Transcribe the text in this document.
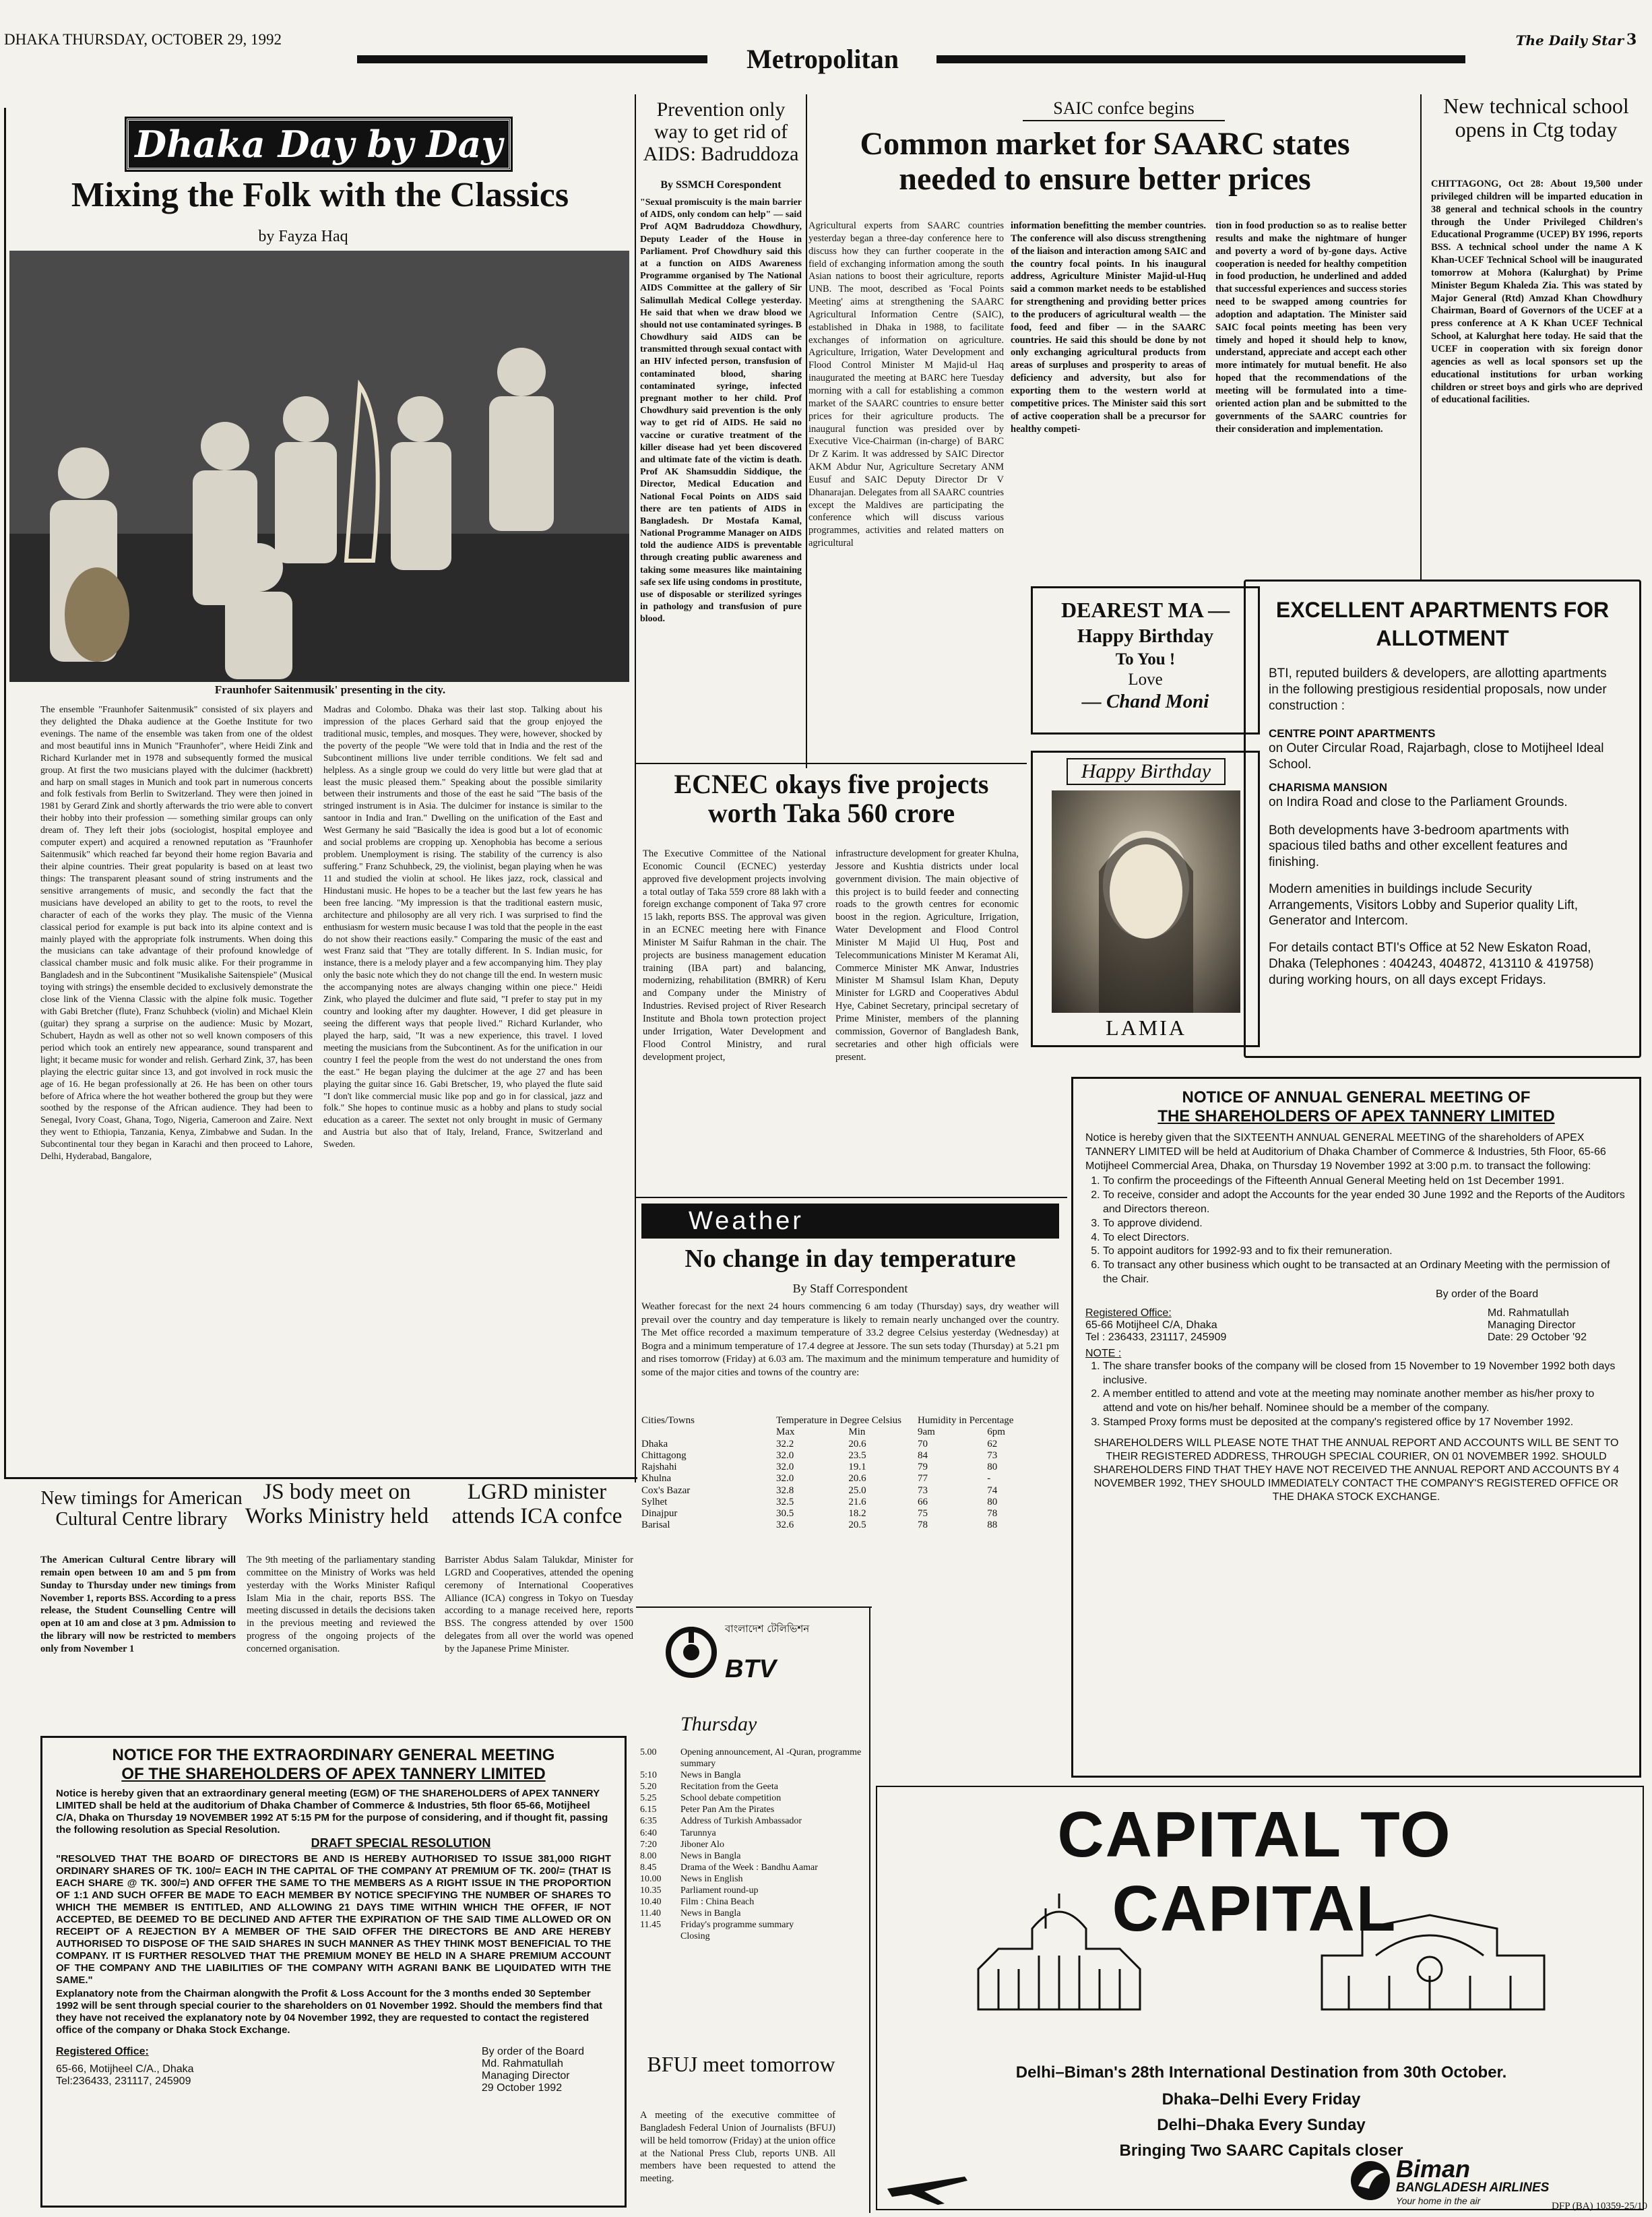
DHAKA THURSDAY, OCTOBER 29, 1992
Metropolitan
The Daily Star 3
Dhaka Day by Day
Mixing the Folk with the Classics
by Fayza Haq
Fraunhofer Saitenmusik' presenting in the city.
The ensemble "Fraunhofer Saitenmusik" consisted of six players and they delighted the Dhaka audience at the Goethe Institute for two evenings. The name of the ensemble was taken from one of the oldest and most beautiful inns in Munich "Fraunhofer", where Heidi Zink and Richard Kurlander met in 1978 and subsequently formed the musical group. At first the two musicians played with the dulcimer (hackbrett) and harp on small stages in Munich and took part in numerous concerts and folk festivals from Berlin to Switzerland. They were then joined in 1981 by Gerard Zink and shortly afterwards the trio were able to convert their hobby into their profession — something similar groups can only dream of. They left their jobs (sociologist, hospital employee and computer expert) and acquired a renowned reputation as "Fraunhofer Saitenmusik" which reached far beyond their home region Bavaria and their alpine countries. Their great popularity is based on at least two things: The transparent pleasant sound of string instruments and the sensitive arrangements of music, and secondly the fact that the musicians have developed an ability to get to the roots, to revel the character of each of the works they play. The music of the Vienna classical period for example is put back into its alpine context and is mainly played with the appropriate folk instruments. When doing this the musicians can take advantage of their profound knowledge of classical chamber music and folk music alike. For their programme in Bangladesh and in the Subcontinent "Musikalishe Saitenspiele" (Musical toying with strings) the ensemble decided to exclusively demonstrate the close link of the Vienna Classic with the alpine folk music. Together with Gabi Bretcher (flute), Franz Schuhbeck (violin) and Michael Klein (guitar) they sprang a surprise on the audience: Music by Mozart, Schubert, Haydn as well as other not so well known composers of this period which took an entirely new appearance, sound transparent and light; it became music for wonder and relish. Gerhard Zink, 37, has been playing the electric guitar since 13, and got involved in rock music the age of 16. He began professionally at 26. He has been on other tours before of Africa where the hot weather bothered the group but they were soothed by the response of the African audience. They had been to Senegal, Ivory Coast, Ghana, Togo, Nigeria, Cameroon and Zaire. Next they went to Ethiopia, Tanzania, Kenya, Zimbabwe and Sudan. In the Subcontinental tour they began in Karachi and then proceed to Lahore, Delhi, Hyderabad, Bangalore,
Madras and Colombo. Dhaka was their last stop. Talking about his impression of the places Gerhard said that the group enjoyed the traditional music, temples, and mosques. They were, however, shocked by the poverty of the people "We were told that in India and the rest of the Subcontinent millions live under terrible conditions. We felt sad and helpless. As a single group we could do very little but were glad that at least the music pleased them." Speaking about the possible similarity between their instruments and those of the east he said "The basis of the stringed instrument is in Asia. The dulcimer for instance is similar to the santoor in India and Iran." Dwelling on the unification of the East and West Germany he said "Basically the idea is good but a lot of economic and social problems are cropping up. Xenophobia has become a serious problem. Unemployment is rising. The stability of the currency is also suffering." Franz Schuhbeck, 29, the violinist, began playing when he was 11 and studied the violin at school. He likes jazz, rock, classical and Hindustani music. He hopes to be a teacher but the last few years he has been free lancing. "My impression is that the traditional eastern music, architecture and philosophy are all very rich. I was surprised to find the enthusiasm for western music because I was told that the people in the east do not show their reactions easily." Comparing the music of the east and west Franz said that "They are totally different. In S. Indian music, for instance, there is a melody player and a few accompanying him. They play only the basic note which they do not change till the end. In western music the accompanying notes are always changing within one piece." Heidi Zink, who played the dulcimer and flute said, "I prefer to stay put in my country and looking after my daughter. However, I did get pleasure in seeing the different ways that people lived." Richard Kurlander, who played the harp, said, "It was a new experience, this travel. I loved meeting the musicians from the Subcontinent. As for the unification in our country I feel the people from the west do not understand the ones from the east." He began playing the dulcimer at the age 27 and has been playing the guitar since 16. Gabi Bretscher, 19, who played the flute said "I don't like commercial music like pop and go in for classical, jazz and folk." She hopes to continue music as a hobby and plans to study social education as a career. The sextet not only brought in music of Germany and Austria but also that of Italy, Ireland, France, Switzerland and Sweden.
Prevention only way to get rid of AIDS: Badruddoza
By SSMCH Corespondent
"Sexual promiscuity is the main barrier of AIDS, only condom can help" — said Prof AQM Badruddoza Chowdhury, Deputy Leader of the House in Parliament. Prof Chowdhury said this at a function on AIDS Awareness Programme organised by The National AIDS Committee at the gallery of Sir Salimullah Medical College yesterday. He said that when we draw blood we should not use contaminated syringes. B Chowdhury said AIDS can be transmitted through sexual contact with an HIV infected person, transfusion of contaminated blood, sharing contaminated syringe, infected pregnant mother to her child. Prof Chowdhury said prevention is the only way to get rid of AIDS. He said no vaccine or curative treatment of the killer disease had yet been discovered and ultimate fate of the victim is death. Prof AK Shamsuddin Siddique, the Director, Medical Education and National Focal Points on AIDS said there are ten patients of AIDS in Bangladesh. Dr Mostafa Kamal, National Programme Manager on AIDS told the audience AIDS is preventable through creating public awareness and taking some measures like maintaining safe sex life using condoms in prostitute, use of disposable or sterilized syringes in pathology and transfusion of pure blood.
SAIC confce begins
Common market for SAARC states needed to ensure better prices
Agricultural experts from SAARC countries yesterday began a three-day conference here to discuss how they can further cooperate in the field of exchanging information among the south Asian nations to boost their agriculture, reports UNB. The moot, described as 'Focal Points Meeting' aims at strengthening the SAARC Agricultural Information Centre (SAIC), established in Dhaka in 1988, to facilitate exchanges of information on agriculture. Agriculture, Irrigation, Water Development and Flood Control Minister M Majid-ul Haq inaugurated the meeting at BARC here Tuesday morning with a call for establishing a common market of the SAARC countries to ensure better prices for their agriculture products. The inaugural function was presided over by Executive Vice-Chairman (in-charge) of BARC Dr Z Karim. It was addressed by SAIC Director AKM Abdur Nur, Agriculture Secretary ANM Eusuf and SAIC Deputy Director Dr V Dhanarajan. Delegates from all SAARC countries except the Maldives are participating the conference which will discuss various programmes, activities and related matters on agricultural
information benefitting the member countries. The conference will also discuss strengthening of the liaison and interaction among SAIC and the country focal points. In his inaugural address, Agriculture Minister Majid-ul-Huq said a common market needs to be established for strengthening and providing better prices to the producers of agricultural wealth — the food, feed and fiber — in the SAARC countries. He said this should be done by not only exchanging agricultural products from areas of surpluses and prosperity to areas of deficiency and adversity, but also for exporting them to the western world at competitive prices. The Minister said this sort of active cooperation shall be a precursor for healthy competi-
tion in food production so as to realise better results and make the nightmare of hunger and poverty a word of by-gone days. Active cooperation is needed for healthy competition in food production, he underlined and added that successful experiences and success stories need to be swapped among countries for adoption and adaptation. The Minister said SAIC focal points meeting has been very timely and hoped it should help to know, understand, appreciate and accept each other more intimately for mutual benefit. He also hoped that the recommendations of the meeting will be formulated into a time-oriented action plan and be submitted to the governments of the SAARC countries for their consideration and implementation.
New technical school opens in Ctg today
CHITTAGONG, Oct 28: About 19,500 under privileged children will be imparted education in 38 general and technical schools in the country through the Under Privileged Children's Educational Programme (UCEP) BY 1996, reports BSS. A technical school under the name A K Khan-UCEF Technical School will be inaugurated tomorrow at Mohora (Kalurghat) by Prime Minister Begum Khaleda Zia. This was stated by Major General (Rtd) Amzad Khan Chowdhury Chairman, Board of Governors of the UCEF at a press conference at A K Khan UCEF Technical School, at Kalurghat here today. He said that the UCEF in cooperation with six foreign donor agencies as well as local sponsors set up the educational institutions for urban working children or street boys and girls who are deprived of educational facilities.
DEAREST MA —
Happy Birthday
To You !
Love
— Chand Moni
Happy Birthday
LAMIA
EXCELLENT APARTMENTS FOR ALLOTMENT
BTI, reputed builders & developers, are allotting apartments in the following prestigious residential proposals, now under construction :
CENTRE POINT APARTMENTS
on Outer Circular Road, Rajarbagh, close to Motijheel Ideal School.
CHARISMA MANSION
on Indira Road and close to the Parliament Grounds.
Both developments have 3-bedroom apartments with spacious tiled baths and other excellent features and finishing.
Modern amenities in buildings include Security Arrangements, Visitors Lobby and Superior quality Lift, Generator and Intercom.
For details contact BTI's Office at 52 New Eskaton Road, Dhaka (Telephones : 404243, 404872, 413110 & 419758) during working hours, on all days except Fridays.
ECNEC okays five projects worth Taka 560 crore
The Executive Committee of the National Economic Council (ECNEC) yesterday approved five development projects involving a total outlay of Taka 559 crore 88 lakh with a foreign exchange component of Taka 97 crore 15 lakh, reports BSS. The approval was given in an ECNEC meeting here with Finance Minister M Saifur Rahman in the chair. The projects are business management education training (IBA part) and balancing, modernizing, rehabilitation (BMRR) of Keru and Company under the Ministry of Industries. Revised project of River Research Institute and Bhola town protection project under Irrigation, Water Development and Flood Control Ministry, and rural development project,
infrastructure development for greater Khulna, Jessore and Kushtia districts under local government division. The main objective of this project is to build feeder and connecting roads to the growth centres for economic boost in the region. Agriculture, Irrigation, Water Development and Flood Control Minister M Majid Ul Huq, Post and Telecommunications Minister M Keramat Ali, Commerce Minister MK Anwar, Industries Minister M Shamsul Islam Khan, Deputy Minister for LGRD and Cooperatives Abdul Hye, Cabinet Secretary, principal secretary of Prime Minister, members of the planning commission, Governor of Bangladesh Bank, secretaries and other high officials were present.
NOTICE OF ANNUAL GENERAL MEETING OF
THE SHAREHOLDERS OF APEX TANNERY LIMITED
Notice is hereby given that the SIXTEENTH ANNUAL GENERAL MEETING of the shareholders of APEX TANNERY LIMITED will be held at Auditorium of Dhaka Chamber of Commerce & Industries, 5th Floor, 65-66 Motijheel Commercial Area, Dhaka, on Thursday 19 November 1992 at 3:00 p.m. to transact the following:
1. To confirm the proceedings of the Fifteenth Annual General Meeting held on 1st December 1991.
2. To receive, consider and adopt the Accounts for the year ended 30 June 1992 and the Reports of the Auditors and Directors thereon.
3. To approve dividend.
4. To elect Directors.
5. To appoint auditors for 1992-93 and to fix their remuneration.
6. To transact any other business which ought to be transacted at an Ordinary Meeting with the permission of the Chair.
By order of the Board
Registered Office:
65-66 Motijheel C/A, Dhaka
Tel : 236433, 231117, 245909
Md. Rahmatullah
Managing Director
Date: 29 October '92
NOTE :
1. The share transfer books of the company will be closed from 15 November to 19 November 1992 both days inclusive.
2. A member entitled to attend and vote at the meeting may nominate another member as his/her proxy to attend and vote on his/her behalf. Nominee should be a member of the company.
3. Stamped Proxy forms must be deposited at the company's registered office by 17 November 1992.
SHAREHOLDERS WILL PLEASE NOTE THAT THE ANNUAL REPORT AND ACCOUNTS WILL BE SENT TO THEIR REGISTERED ADDRESS, THROUGH SPECIAL COURIER, ON 01 NOVEMBER 1992. SHOULD SHAREHOLDERS FIND THAT THEY HAVE NOT RECEIVED THE ANNUAL REPORT AND ACCOUNTS BY 4 NOVEMBER 1992, THEY SHOULD IMMEDIATELY CONTACT THE COMPANY'S REGISTERED OFFICE OR THE DHAKA STOCK EXCHANGE.
Weather
No change in day temperature
By Staff Correspondent
Weather forecast for the next 24 hours commencing 6 am today (Thursday) says, dry weather will prevail over the country and day temperature is likely to remain nearly unchanged over the country. The Met office recorded a maximum temperature of 33.2 degree Celsius yesterday (Wednesday) at Bogra and a minimum temperature of 17.4 degree at Jessore. The sun sets today (Thursday) at 5.21 pm and rises tomorrow (Friday) at 6.03 am. The maximum and the minimum temperature and humidity of some of the major cities and towns of the country are:
Cities/Towns	Temperature in Degree Celsius		Humidity in Percentage	
	Max	Min	9am	6pm
Dhaka	32.2	20.6	70	62
Chittagong	32.0	23.5	84	73
Rajshahi	32.0	19.1	79	80
Khulna	32.0	20.6	77	-
Cox's Bazar	32.8	25.0	73	74
Sylhet	32.5	21.6	66	80
Dinajpur	30.5	18.2	75	78
Barisal	32.6	20.5	78	88
New timings for American Cultural Centre library
The American Cultural Centre library will remain open between 10 am and 5 pm from Sunday to Thursday under new timings from November 1, reports BSS. According to a press release, the Student Counselling Centre will open at 10 am and close at 3 pm. Admission to the library will now be restricted to members only from November 1
JS body meet on Works Ministry held
The 9th meeting of the parliamentary standing committee on the Ministry of Works was held yesterday with the Works Minister Rafiqul Islam Mia in the chair, reports BSS. The meeting discussed in details the decisions taken in the previous meeting and reviewed the progress of the ongoing projects of the concerned organisation.
LGRD minister attends ICA confce
Barrister Abdus Salam Talukdar, Minister for LGRD and Cooperatives, attended the opening ceremony of International Cooperatives Alliance (ICA) congress in Tokyo on Tuesday according to a manage received here, reports BSS. The congress attended by over 1500 delegates from all over the world was opened by the Japanese Prime Minister.
বাংলাদেশ টেলিভিশন
BTV
Thursday
5.00	Opening announcement, Al -Quran, programme summary
5:10	News in Bangla
5.20	Recitation from the Geeta
5.25	School debate competition
6.15	Peter Pan Am the Pirates
6:35	Address of Turkish Ambassador
6:40	Tarunnya
7:20	Jiboner Alo
8.00	News in Bangla
8.45	Drama of the Week : Bandhu Aamar
10.00	News in English
10.35	Parliament round-up
10.40	Film : China Beach
11.40	News in Bangla
11.45	Friday's programme summary
Closing
BFUJ meet tomorrow
A meeting of the executive committee of Bangladesh Federal Union of Journalists (BFUJ) will be held tomorrow (Friday) at the union office at the National Press Club, reports UNB. All members have been requested to attend the meeting.
NOTICE FOR THE EXTRAORDINARY GENERAL MEETING
OF THE SHAREHOLDERS OF APEX TANNERY LIMITED
Notice is hereby given that an extraordinary general meeting (EGM) OF THE SHAREHOLDERS of APEX TANNERY LIMITED shall be held at the auditorium of Dhaka Chamber of Commerce & Industries, 5th floor 65-66, Motijheel C/A, Dhaka on Thursday 19 NOVEMBER 1992 AT 5:15 PM for the purpose of considering, and if thought fit, passing the following resolution as Special Resolution.
DRAFT SPECIAL RESOLUTION
"RESOLVED THAT THE BOARD OF DIRECTORS BE AND IS HEREBY AUTHORISED TO ISSUE 381,000 RIGHT ORDINARY SHARES OF TK. 100/= EACH IN THE CAPITAL OF THE COMPANY AT PREMIUM OF TK. 200/= (THAT IS EACH SHARE @ TK. 300/=) AND OFFER THE SAME TO THE MEMBERS AS A RIGHT ISSUE IN THE PROPORTION OF 1:1 AND SUCH OFFER BE MADE TO EACH MEMBER BY NOTICE SPECIFYING THE NUMBER OF SHARES TO WHICH THE MEMBER IS ENTITLED, AND ALLOWING 21 DAYS TIME WITHIN WHICH THE OFFER, IF NOT ACCEPTED, BE DEEMED TO BE DECLINED AND AFTER THE EXPIRATION OF THE SAID TIME ALLOWED OR ON RECEIPT OF A REJECTION BY A MEMBER OF THE SAID OFFER THE DIRECTORS BE AND ARE HEREBY AUTHORISED TO DISPOSE OF THE SAID SHARES IN SUCH MANNER AS THEY THINK MOST BENEFICIAL TO THE COMPANY. IT IS FURTHER RESOLVED THAT THE PREMIUM MONEY BE HELD IN A SHARE PREMIUM ACCOUNT OF THE COMPANY AND THE LIABILITIES OF THE COMPANY WITH AGRANI BANK BE LIQUIDATED WITH THE SAME."
Explanatory note from the Chairman alongwith the Profit & Loss Account for the 3 months ended 30 September 1992 will be sent through special courier to the shareholders on 01 November 1992. Should the members find that they have not received the explanatory note by 04 November 1992, they are requested to contact the registered office of the company or Dhaka Stock Exchange.
Registered Office:
65-66, Motijheel C/A., Dhaka
Tel:236433, 231117, 245909
By order of the Board
Md. Rahmatullah
Managing Director
29 October 1992
CAPITAL TO CAPITAL
Delhi–Biman's 28th International Destination from 30th October.
Dhaka–Delhi Every Friday
Delhi–Dhaka Every Sunday
Bringing Two SAARC Capitals closer
Biman
BANGLADESH AIRLINES
Your home in the air	DFP (BA) 10359-25/10
